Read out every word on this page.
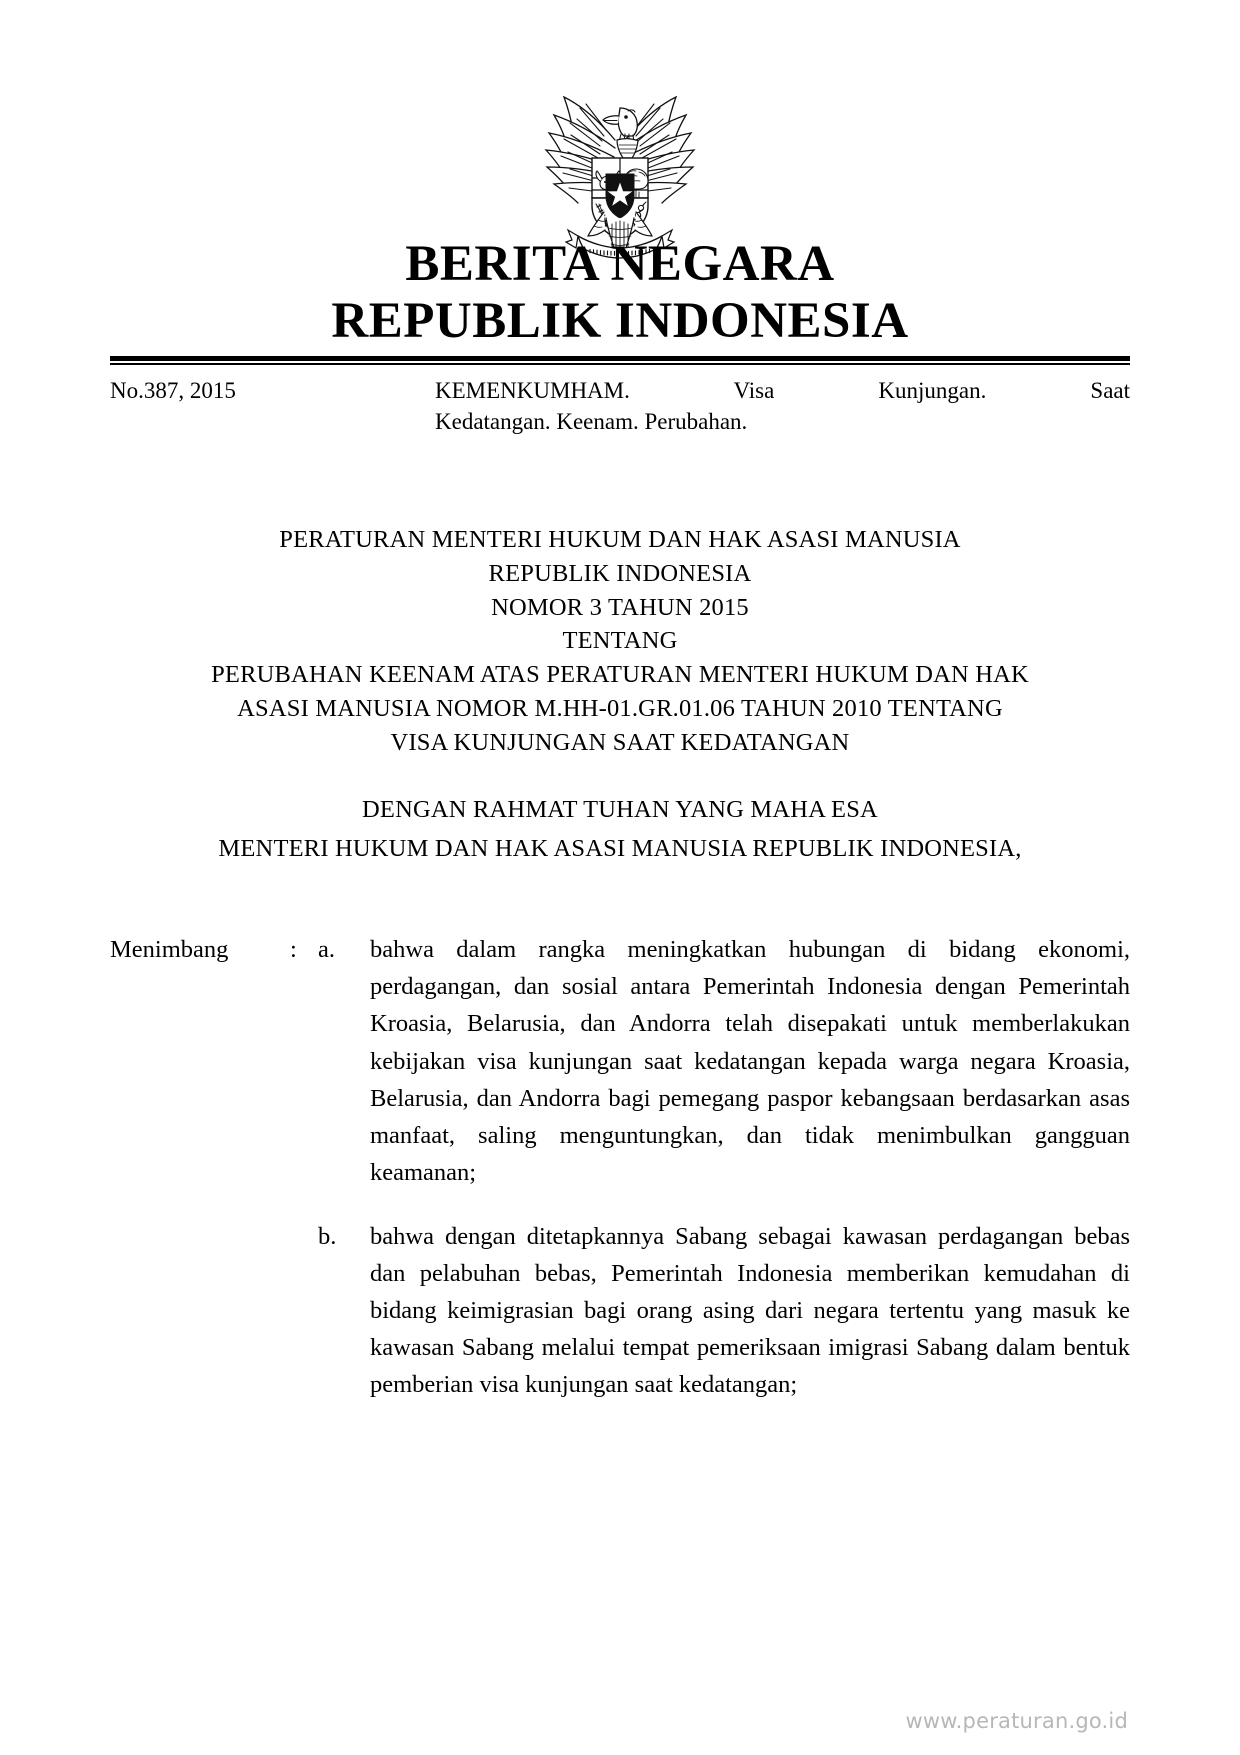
BERITA NEGARA
REPUBLIK INDONESIA
No.387, 2015	KEMENKUMHAM. Visa Kunjungan. Saat
Kedatangan. Keenam. Perubahan.
PERATURAN MENTERI HUKUM DAN HAK ASASI MANUSIA
REPUBLIK INDONESIA
NOMOR 3 TAHUN 2015
TENTANG
PERUBAHAN KEENAM ATAS PERATURAN MENTERI HUKUM DAN HAK
ASASI MANUSIA NOMOR M.HH-01.GR.01.06 TAHUN 2010 TENTANG
VISA KUNJUNGAN SAAT KEDATANGAN
DENGAN RAHMAT TUHAN YANG MAHA ESA
MENTERI HUKUM DAN HAK ASASI MANUSIA REPUBLIK INDONESIA,
Menimbang	: a.	bahwa dalam rangka meningkatkan hubungan di bidang ekonomi, perdagangan, dan sosial antara Pemerintah Indonesia dengan Pemerintah Kroasia, Belarusia, dan Andorra telah disepakati untuk memberlakukan kebijakan visa kunjungan saat kedatangan kepada warga negara Kroasia, Belarusia, dan Andorra bagi pemegang paspor kebangsaan berdasarkan asas manfaat, saling menguntungkan, dan tidak menimbulkan gangguan keamanan;
b.	bahwa dengan ditetapkannya Sabang sebagai kawasan perdagangan bebas dan pelabuhan bebas, Pemerintah Indonesia memberikan kemudahan di bidang keimigrasian bagi orang asing dari negara tertentu yang masuk ke kawasan Sabang melalui tempat pemeriksaan imigrasi Sabang dalam bentuk pemberian visa kunjungan saat kedatangan;
www.peraturan.go.id
